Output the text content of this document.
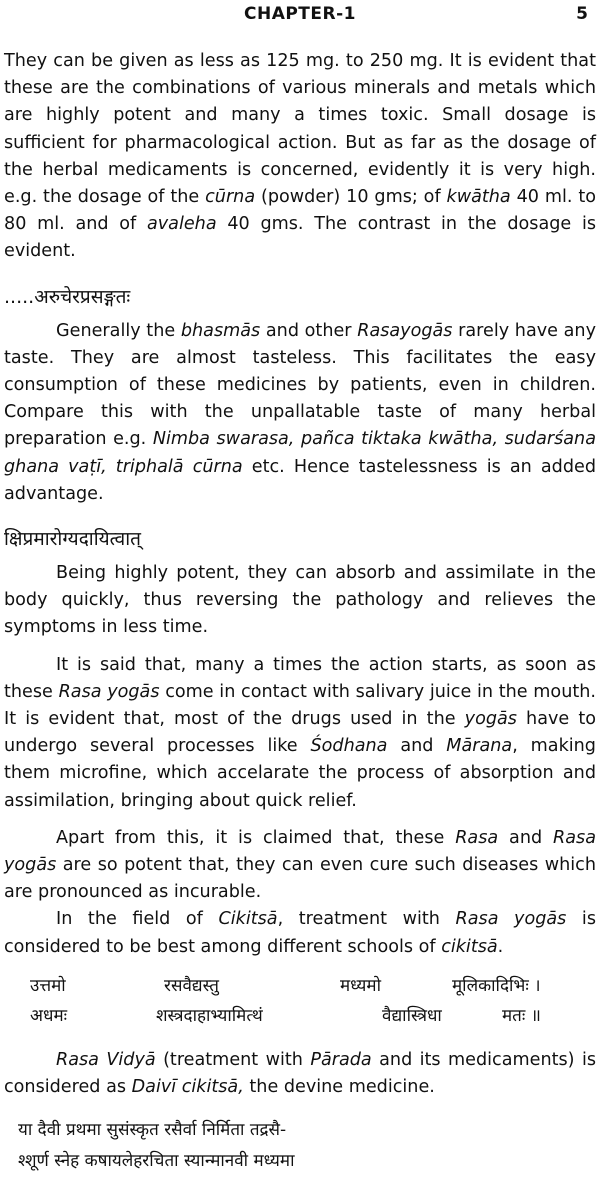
CHAPTER-1	5

They can be given as less as 125 mg. to 250 mg. It is evident that these are the combinations of various minerals and metals which are highly potent and many a times toxic. Small dosage is sufficient for pharmacological action. But as far as the dosage of the herbal medicaments is concerned, evidently it is very high. e.g. the dosage of the cūrna (powder) 10 gms; of kwātha 40 ml. to 80 ml. and of avaleha 40 gms. The contrast in the dosage is evident.

.....अरुचेरप्रसङ्गतः

Generally the bhasmās and other Rasayogās rarely have any taste. They are almost tasteless. This facilitates the easy consumption of these medicines by patients, even in children. Compare this with the unpallatable taste of many herbal preparation e.g. Nimba swarasa, pañca tiktaka kwātha, sudarśana ghana vaṭī, triphalā cūrna etc. Hence tastelessness is an added advantage.

क्षिप्रमारोग्यदायित्वात्

Being highly potent, they can absorb and assimilate in the body quickly, thus reversing the pathology and relieves the symptoms in less time.

It is said that, many a times the action starts, as soon as these Rasa yogās come in contact with salivary juice in the mouth. It is evident that, most of the drugs used in the yogās have to undergo several processes like Śodhana and Mārana, making them microfine, which accelarate the process of absorption and assimilation, bringing about quick relief.

Apart from this, it is claimed that, these Rasa and Rasa yogās are so potent that, they can even cure such diseases which are pronounced as incurable.

In the field of Cikitsā, treatment with Rasa yogās is considered to be best among different schools of cikitsā.

उत्तमो	रसवैद्यस्तु	मध्यमो	मूलिकादिभिः ।
अधमः	शस्त्रदाहाभ्यामित्थं	वैद्यास्त्रिधा	मतः ॥

Rasa Vidyā (treatment with Pārada and its medicaments) is considered as Daivī cikitsā, the devine medicine.

या दैवी प्रथमा सुसंस्कृत रसैर्वा निर्मिता तद्रसै-
श्शूर्ण स्नेह कषायलेहरचिता स्यान्मानवी मध्यमा
